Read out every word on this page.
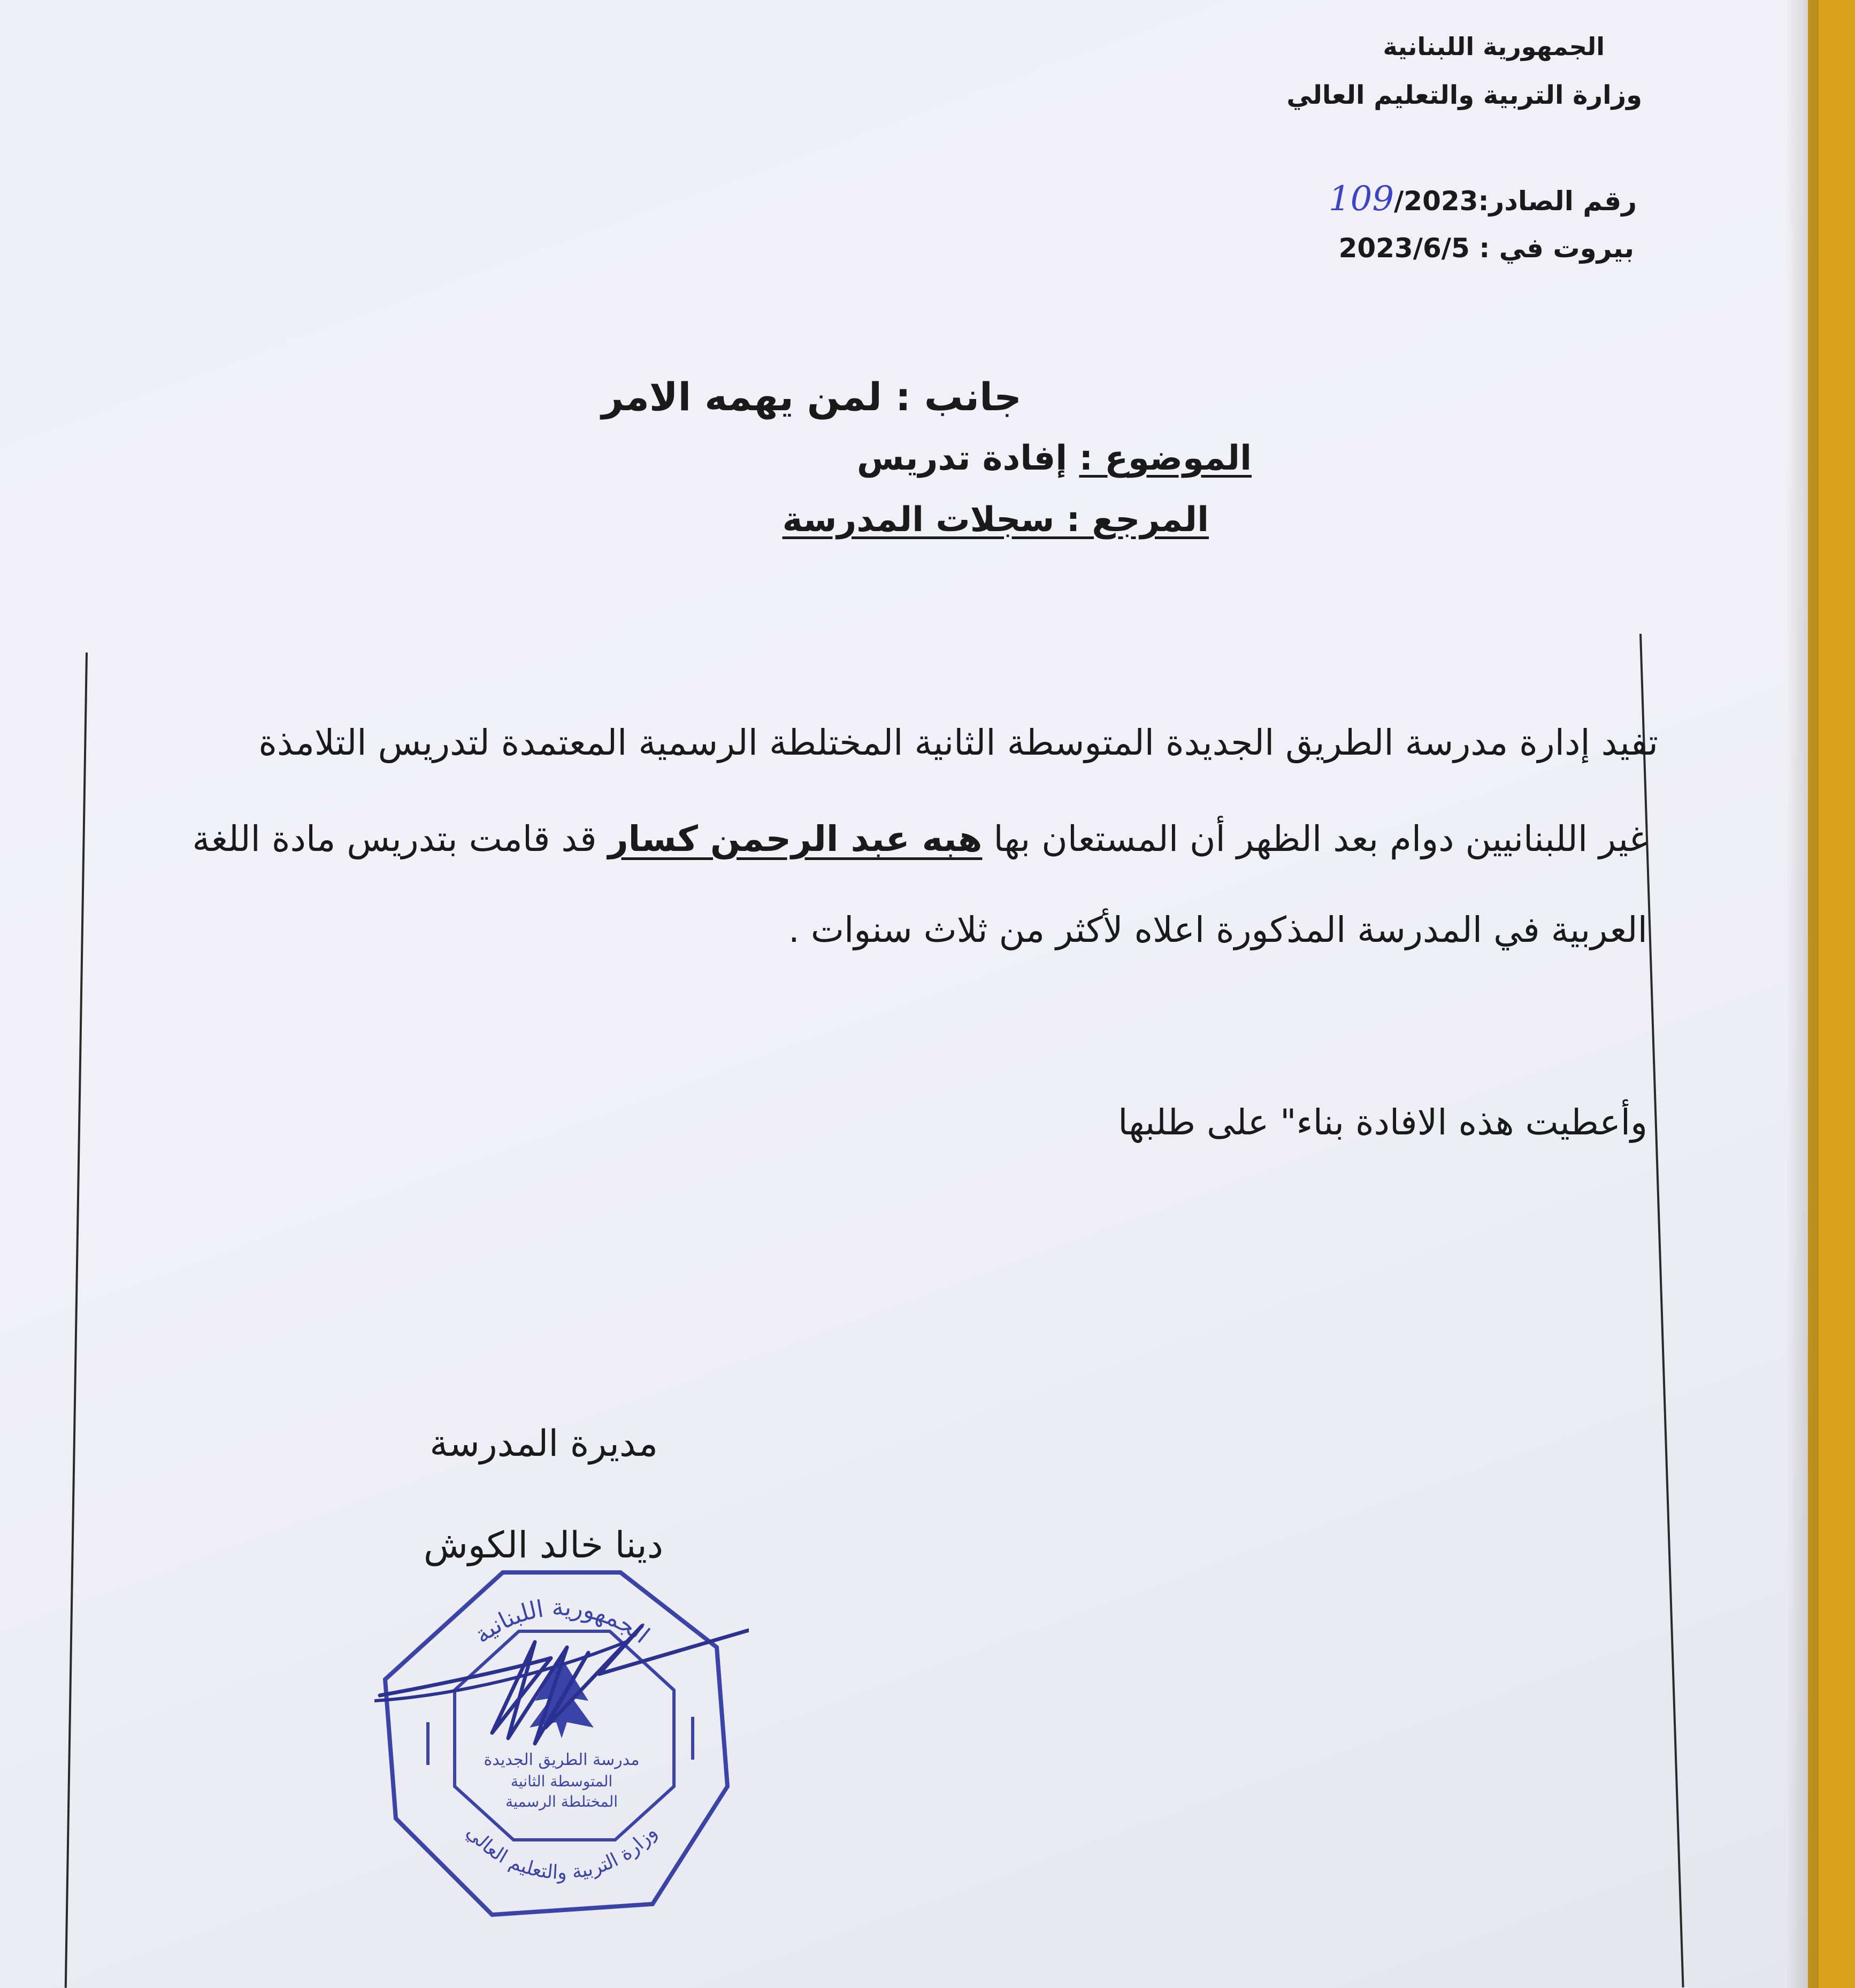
الجمهورية اللبنانية
وزارة التربية والتعليم العالي
رقم الصادر:109/2023
بيروت في : 2023/6/5
جانب : لمن يهمه الامر
الموضوع : إفادة تدريس
المرجع : سجلات المدرسة
تفيد إدارة مدرسة الطريق الجديدة المتوسطة الثانية المختلطة الرسمية المعتمدة لتدريس التلامذة
غير اللبنانيين دوام بعد الظهر أن المستعان بها هبه عبد الرحمن كسار قد قامت بتدريس مادة اللغة
العربية في المدرسة المذكورة اعلاه لأكثر من ثلاث سنوات .
وأعطيت هذه الافادة بناء" على طلبها
مديرة المدرسة
دينا خالد الكوش
الجمهورية اللبنانية
وزارة التربية والتعليم العالي
مدرسة الطريق الجديدة
المتوسطة الثانية
المختلطة الرسمية
